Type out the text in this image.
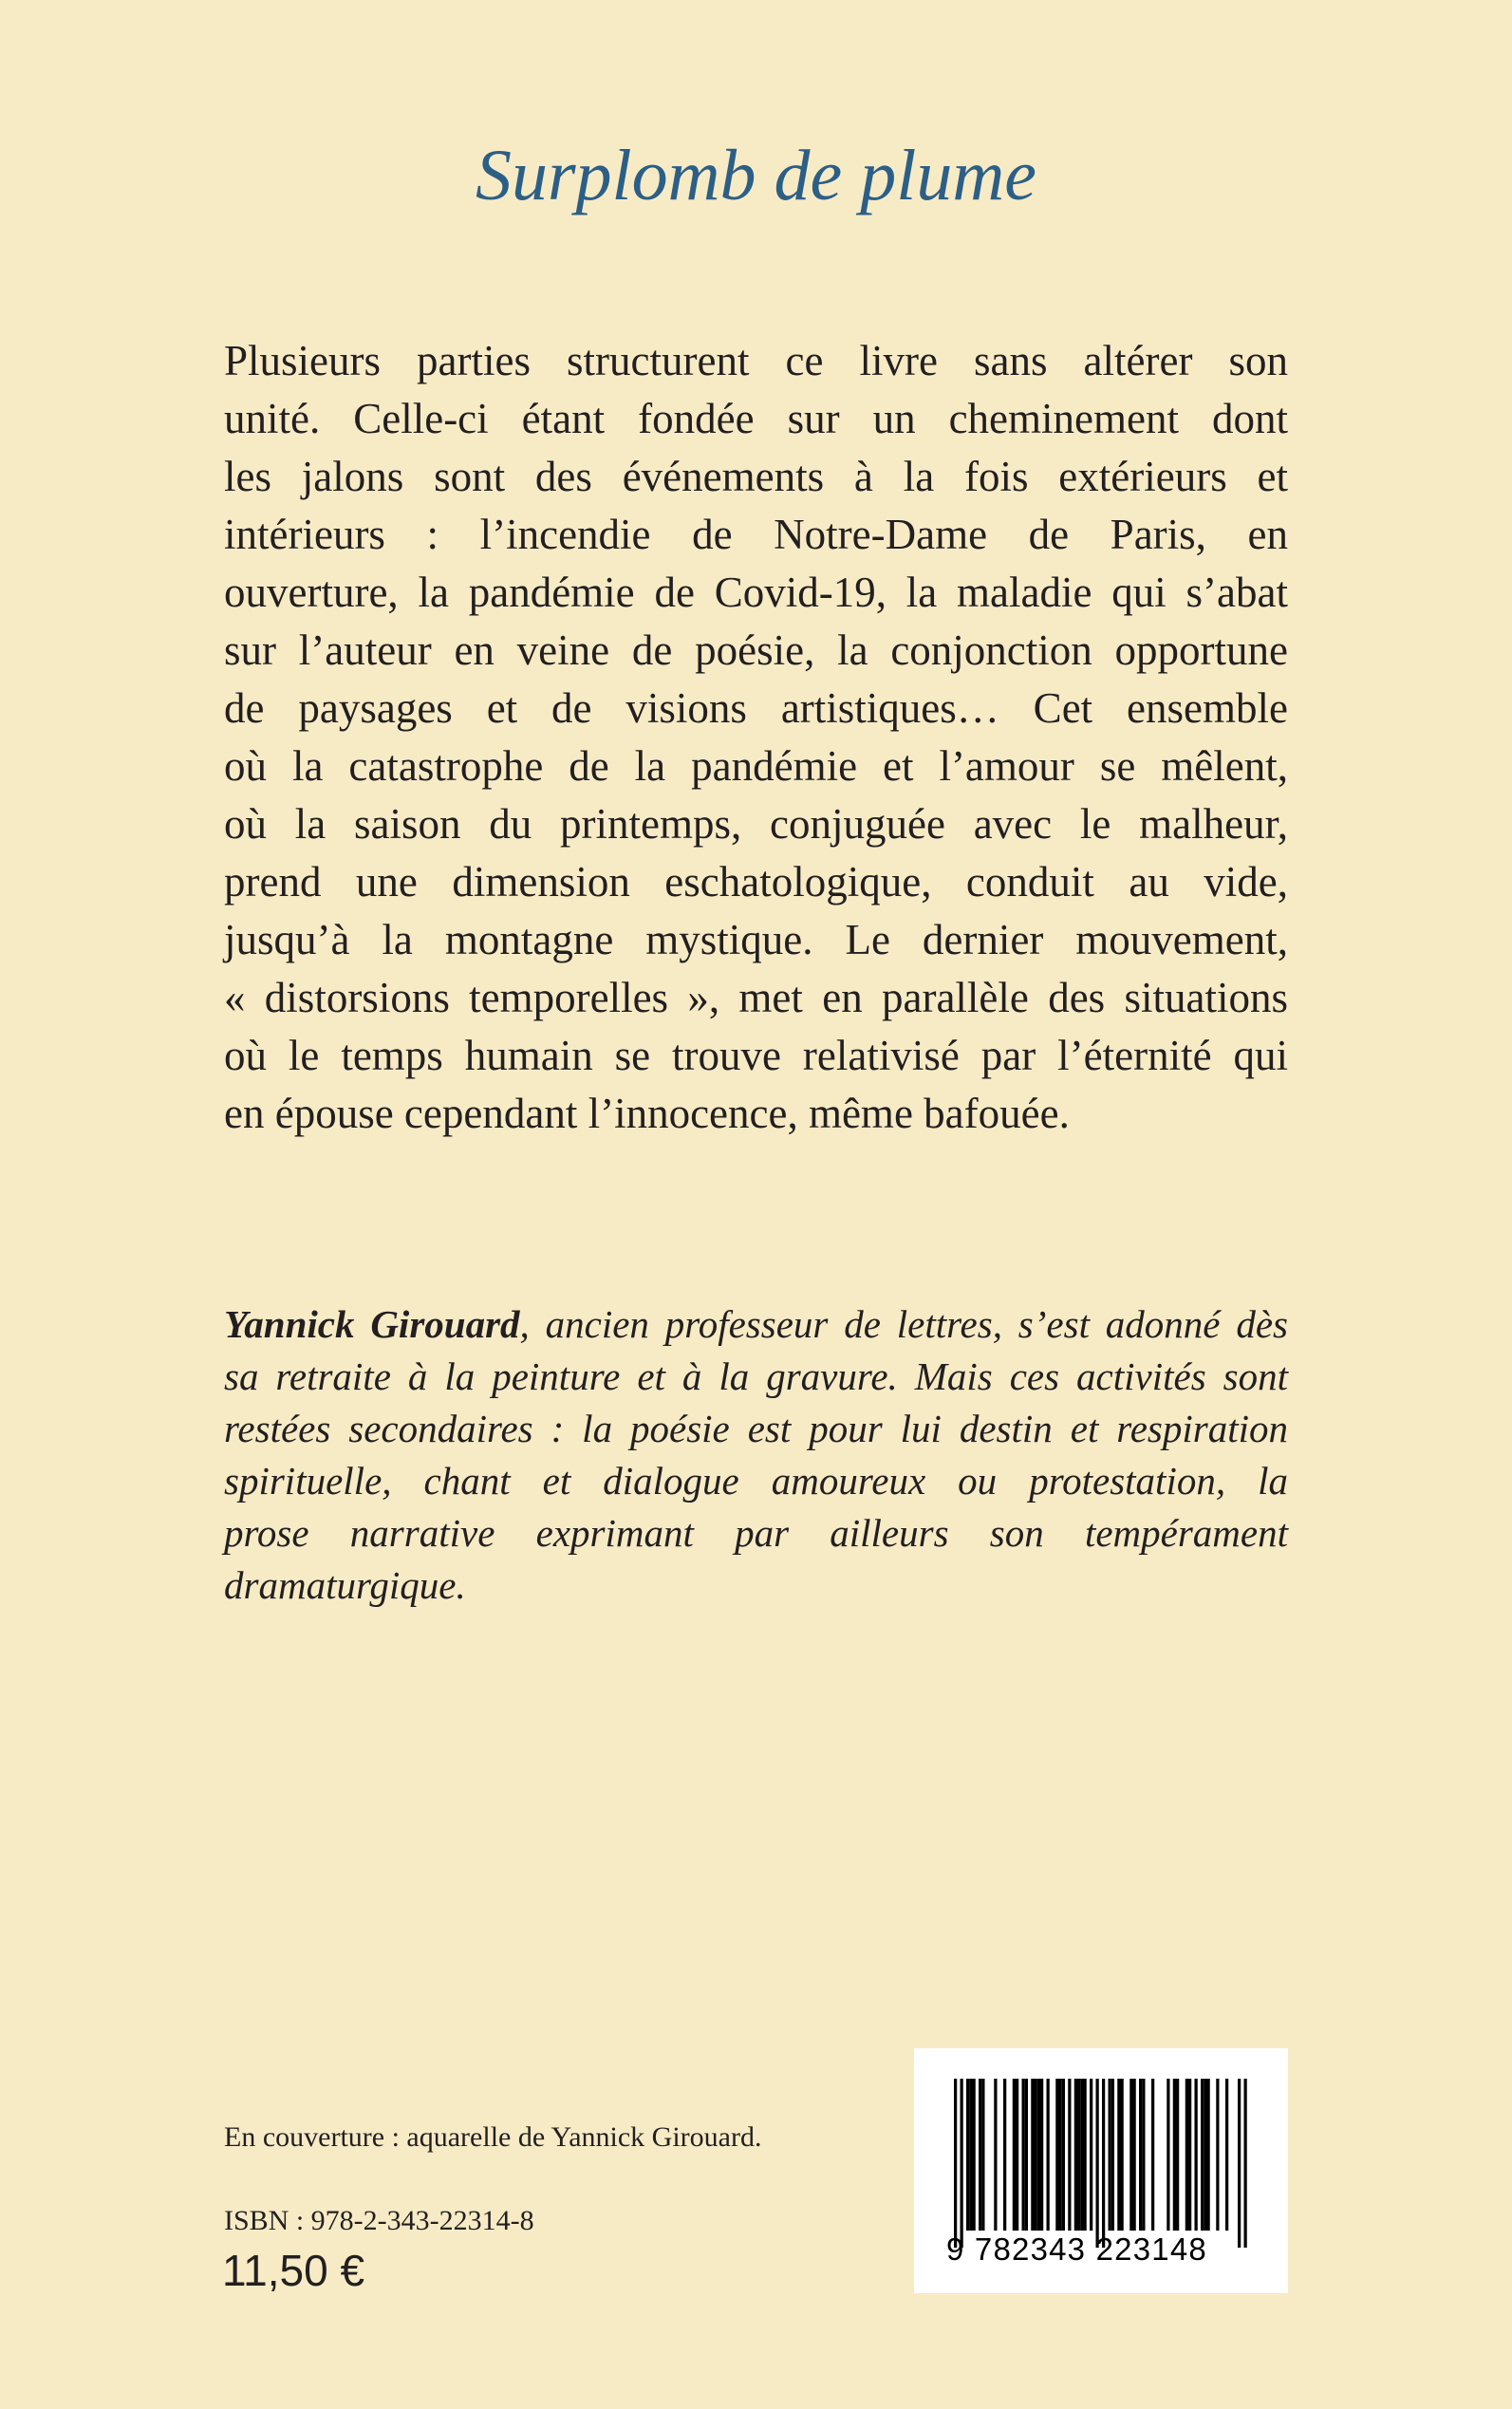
Surplomb de plume
Plusieurs parties structurent ce livre sans altérer son
unité. Celle-ci étant fondée sur un cheminement dont
les jalons sont des événements à la fois extérieurs et
intérieurs : l’incendie de Notre-Dame de Paris, en
ouverture, la pandémie de Covid-19, la maladie qui s’abat
sur l’auteur en veine de poésie, la conjonction opportune
de paysages et de visions artistiques… Cet ensemble
où la catastrophe de la pandémie et l’amour se mêlent,
où la saison du printemps, conjuguée avec le malheur,
prend une dimension eschatologique, conduit au vide,
jusqu’à la montagne mystique. Le dernier mouvement,
« distorsions temporelles », met en parallèle des situations
où le temps humain se trouve relativisé par l’éternité qui
en épouse cependant l’innocence, même bafouée.
Yannick Girouard, ancien professeur de lettres, s’est adonné dès
sa retraite à la peinture et à la gravure. Mais ces activités sont
restées secondaires : la poésie est pour lui destin et respiration
spirituelle, chant et dialogue amoureux ou protestation, la
prose narrative exprimant par ailleurs son tempérament
dramaturgique.
En couverture : aquarelle de Yannick Girouard.
ISBN : 978-2-343-22314-8
11,50 €	9 782343 223148
